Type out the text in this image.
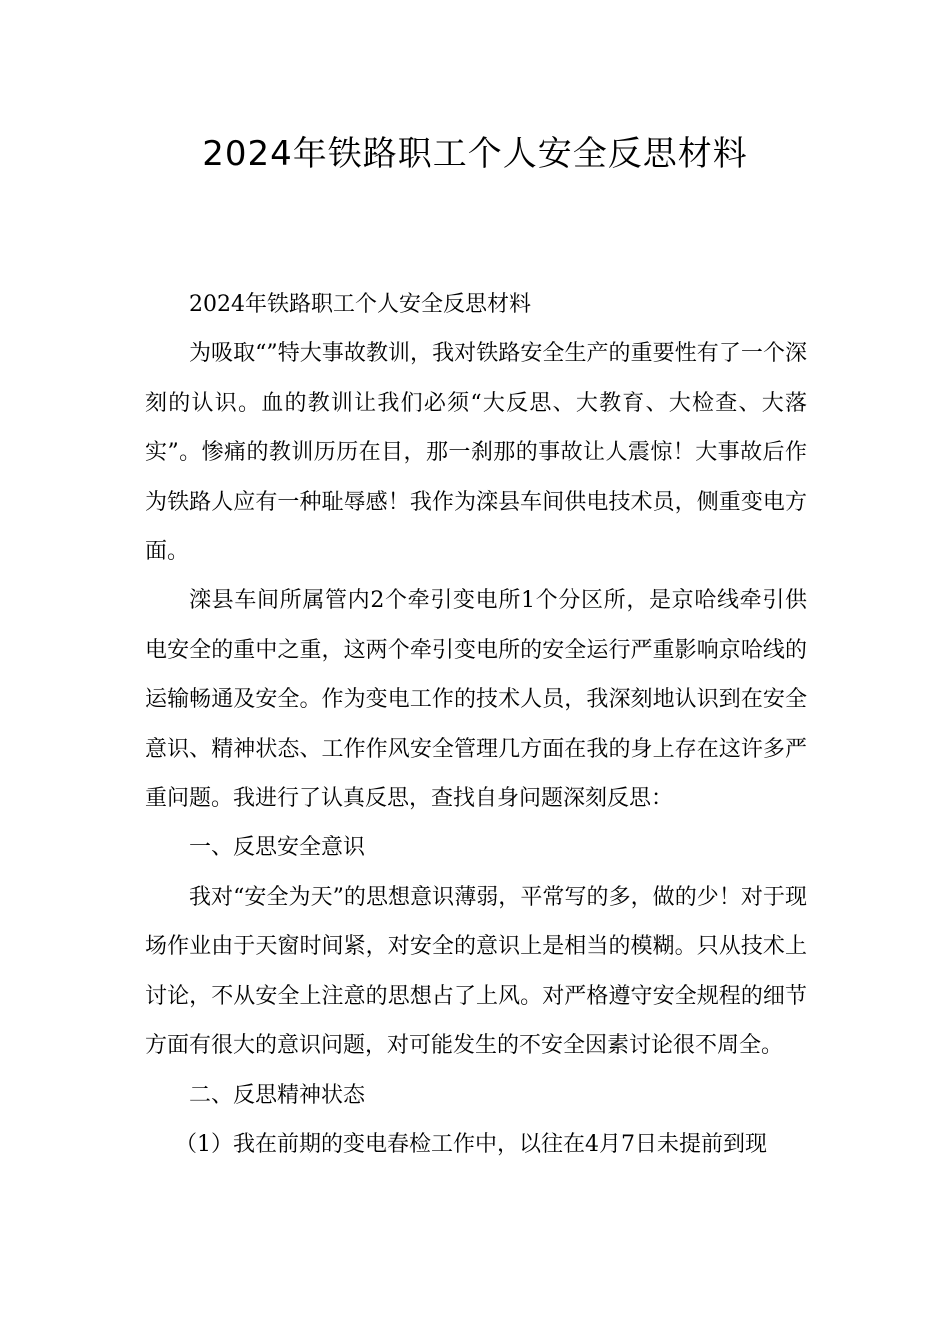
2024年铁路职工个人安全反思材料

2024年铁路职工个人安全反思材料

为吸取“”特大事故教训，我对铁路安全生产的重要性有了一个深刻的认识。血的教训让我们必须“大反思、大教育、大检查、大落实”。惨痛的教训历历在目，那一刹那的事故让人震惊！大事故后作为铁路人应有一种耻辱感！我作为滦县车间供电技术员，侧重变电方面。

滦县车间所属管内2个牵引变电所1个分区所，是京哈线牵引供电安全的重中之重，这两个牵引变电所的安全运行严重影响京哈线的运输畅通及安全。作为变电工作的技术人员，我深刻地认识到在安全意识、精神状态、工作作风安全管理几方面在我的身上存在这许多严重问题。我进行了认真反思，查找自身问题深刻反思：

一、反思安全意识

我对“安全为天”的思想意识薄弱，平常写的多，做的少！对于现场作业由于天窗时间紧，对安全的意识上是相当的模糊。只从技术上讨论，不从安全上注意的思想占了上风。对严格遵守安全规程的细节方面有很大的意识问题，对可能发生的不安全因素讨论很不周全。

二、反思精神状态

（1）我在前期的变电春检工作中，以往在4月7日未提前到现
